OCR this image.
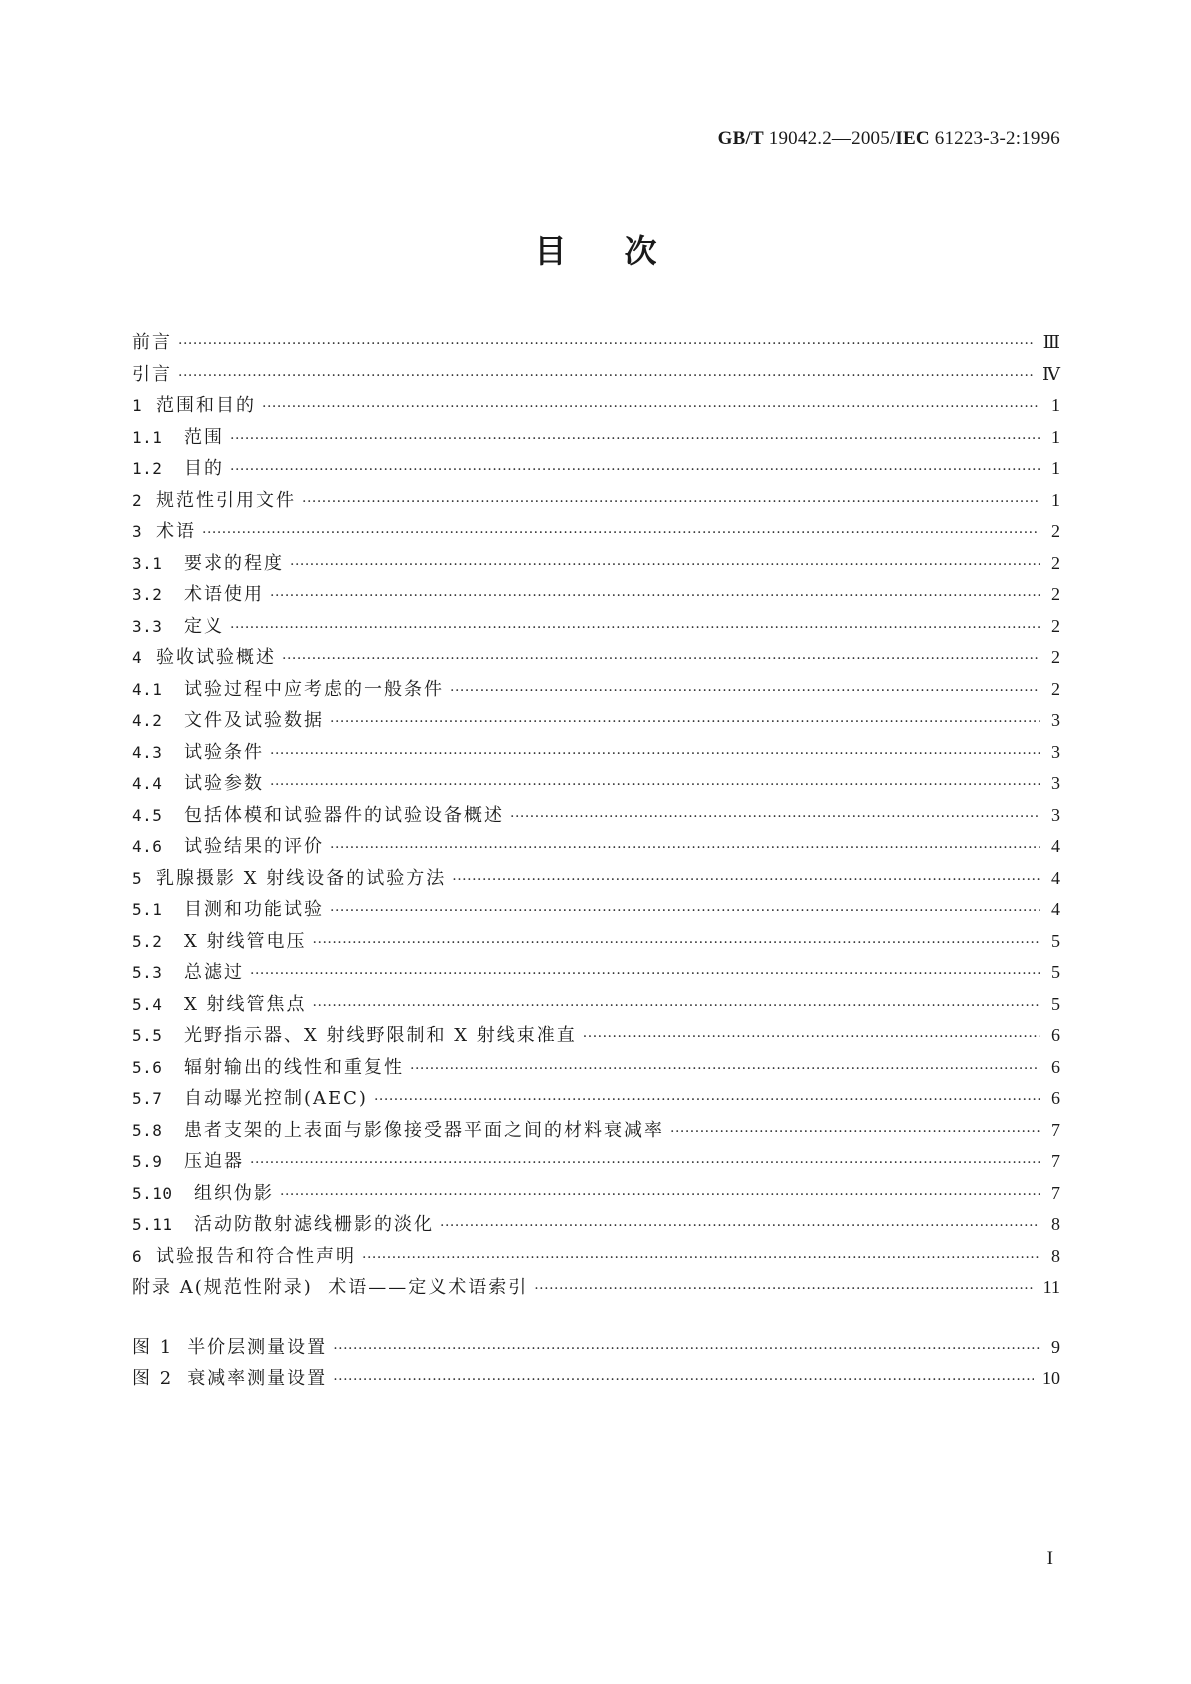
GB/T 19042.2—2005/IEC 61223-3-2:1996
目 次
前言 ·····	Ⅲ
引言 ·····	Ⅳ
1 范围和目的 ·····	1
1.1	范围 ·····	1
1.2	目的 ·····	1
2 规范性引用文件 ·····	1
3 术语 ·····	2
3.1	要求的程度 ·····	2
3.2	术语使用 ·····	2
3.3	定义 ·····	2
4 验收试验概述 ·····	2
4.1	试验过程中应考虑的一般条件 ·····	2
4.2	文件及试验数据 ·····	3
4.3	试验条件 ·····	3
4.4	试验参数 ·····	3
4.5	包括体模和试验器件的试验设备概述 ·····	3
4.6	试验结果的评价 ·····	4
5 乳腺摄影 X 射线设备的试验方法 ·····	4
5.1	目测和功能试验 ·····	4
5.2	X 射线管电压 ·····	5
5.3	总滤过 ·····	5
5.4	X 射线管焦点 ·····	5
5.5	光野指示器、X 射线野限制和 X 射线束准直 ·····	6
5.6	辐射输出的线性和重复性 ·····	6
5.7	自动曝光控制(AEC) ·····	6
5.8	患者支架的上表面与影像接受器平面之间的材料衰减率 ·····	7
5.9	压迫器 ·····	7
5.10	组织伪影 ·····	7
5.11	活动防散射滤线栅影的淡化 ·····	8
6 试验报告和符合性声明 ·····	8
附录 A(规范性附录)  术语——定义术语索引 ·····	11
图 1 半价层测量设置 ·····	9
图 2 衰减率测量设置 ·····	10
I
